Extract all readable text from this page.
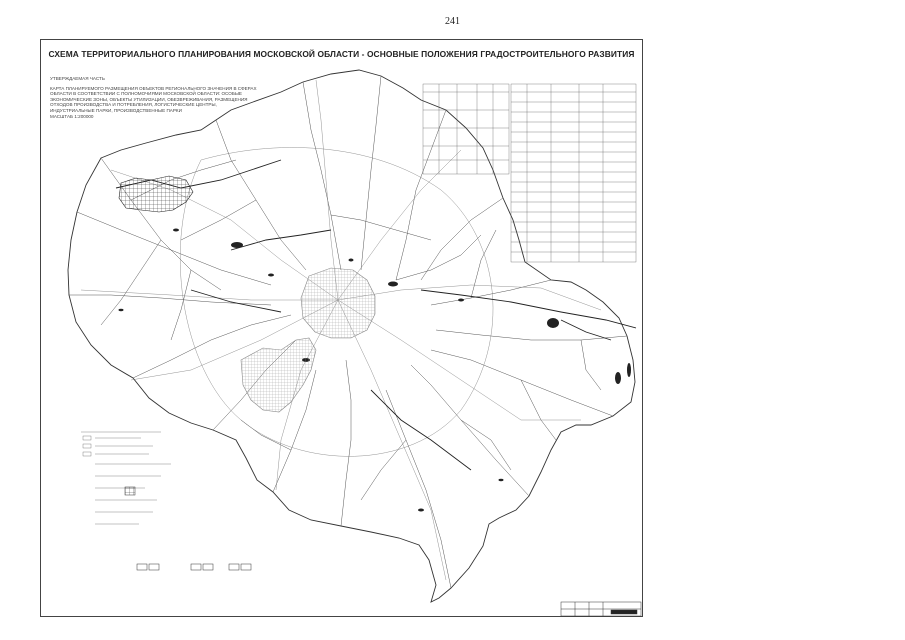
241
СХЕМА ТЕРРИТОРИАЛЬНОГО ПЛАНИРОВАНИЯ МОСКОВСКОЙ ОБЛАСТИ - ОСНОВНЫЕ ПОЛОЖЕНИЯ ГРАДОСТРОИТЕЛЬНОГО РАЗВИТИЯ
УТВЕРЖДАЕМАЯ ЧАСТЬ
КАРТА ПЛАНИРУЕМОГО РАЗМЕЩЕНИЯ ОБЪЕКТОВ РЕГИОНАЛЬНОГО ЗНАЧЕНИЯ В СФЕРАХ ОБЛАСТИ В СООТВЕТСТВИИ С ПОЛНОМОЧИЯМИ МОСКОВСКОЙ ОБЛАСТИ: ОСОБЫЕ ЭКОНОМИЧЕСКИЕ ЗОНЫ, ОБЪЕКТЫ УТИЛИЗАЦИИ, ОБЕЗВРЕЖИВАНИЯ, РАЗМЕЩЕНИЯ ОТХОДОВ ПРОИЗВОДСТВА И ПОТРЕБЛЕНИЯ, ЛОГИСТИЧЕСКИЕ ЦЕНТРЫ, ИНДУСТРИАЛЬНЫЕ ПАРКИ, ПРОИЗВОДСТВЕННЫЕ ПАРКИ
МАСШТАБ 1:200000
